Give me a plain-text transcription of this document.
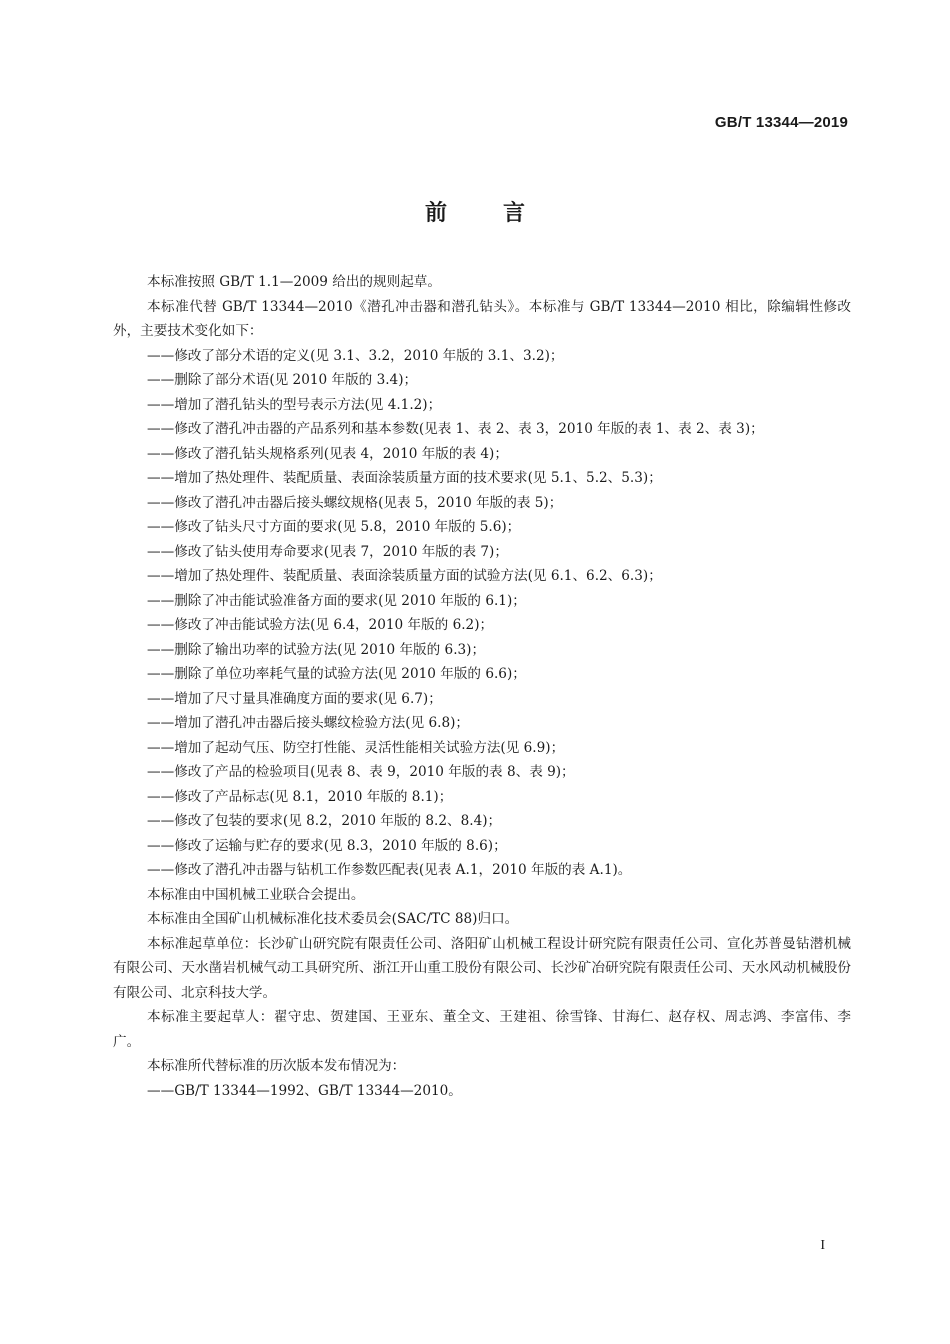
GB/T 13344—2019
前言

本标准按照 GB/T 1.1—2009 给出的规则起草。

本标准代替 GB/T 13344—2010《潜孔冲击器和潜孔钻头》。本标准与 GB/T 13344—2010 相比，除编辑性修改外，主要技术变化如下：

——修改了部分术语的定义(见 3.1、3.2，2010 年版的 3.1、3.2)；

——删除了部分术语(见 2010 年版的 3.4)；

——增加了潜孔钻头的型号表示方法(见 4.1.2)；

——修改了潜孔冲击器的产品系列和基本参数(见表 1、表 2、表 3，2010 年版的表 1、表 2、表 3)；

——修改了潜孔钻头规格系列(见表 4，2010 年版的表 4)；

——增加了热处理件、装配质量、表面涂装质量方面的技术要求(见 5.1、5.2、5.3)；

——修改了潜孔冲击器后接头螺纹规格(见表 5，2010 年版的表 5)；

——修改了钻头尺寸方面的要求(见 5.8，2010 年版的 5.6)；

——修改了钻头使用寿命要求(见表 7，2010 年版的表 7)；

——增加了热处理件、装配质量、表面涂装质量方面的试验方法(见 6.1、6.2、6.3)；

——删除了冲击能试验准备方面的要求(见 2010 年版的 6.1)；

——修改了冲击能试验方法(见 6.4，2010 年版的 6.2)；

——删除了输出功率的试验方法(见 2010 年版的 6.3)；

——删除了单位功率耗气量的试验方法(见 2010 年版的 6.6)；

——增加了尺寸量具准确度方面的要求(见 6.7)；

——增加了潜孔冲击器后接头螺纹检验方法(见 6.8)；

——增加了起动气压、防空打性能、灵活性能相关试验方法(见 6.9)；

——修改了产品的检验项目(见表 8、表 9，2010 年版的表 8、表 9)；

——修改了产品标志(见 8.1，2010 年版的 8.1)；

——修改了包装的要求(见 8.2，2010 年版的 8.2、8.4)；

——修改了运输与贮存的要求(见 8.3，2010 年版的 8.6)；

——修改了潜孔冲击器与钻机工作参数匹配表(见表 A.1，2010 年版的表 A.1)。

本标准由中国机械工业联合会提出。

本标准由全国矿山机械标准化技术委员会(SAC/TC 88)归口。

本标准起草单位：长沙矿山研究院有限责任公司、洛阳矿山机械工程设计研究院有限责任公司、宣化苏普曼钻潜机械有限公司、天水凿岩机械气动工具研究所、浙江开山重工股份有限公司、长沙矿冶研究院有限责任公司、天水风动机械股份有限公司、北京科技大学。

本标准主要起草人：翟守忠、贺建国、王亚东、董全文、王建祖、徐雪锋、甘海仁、赵存权、周志鸿、李富伟、李广。

本标准所代替标准的历次版本发布情况为：

——GB/T 13344—1992、GB/T 13344—2010。

I
